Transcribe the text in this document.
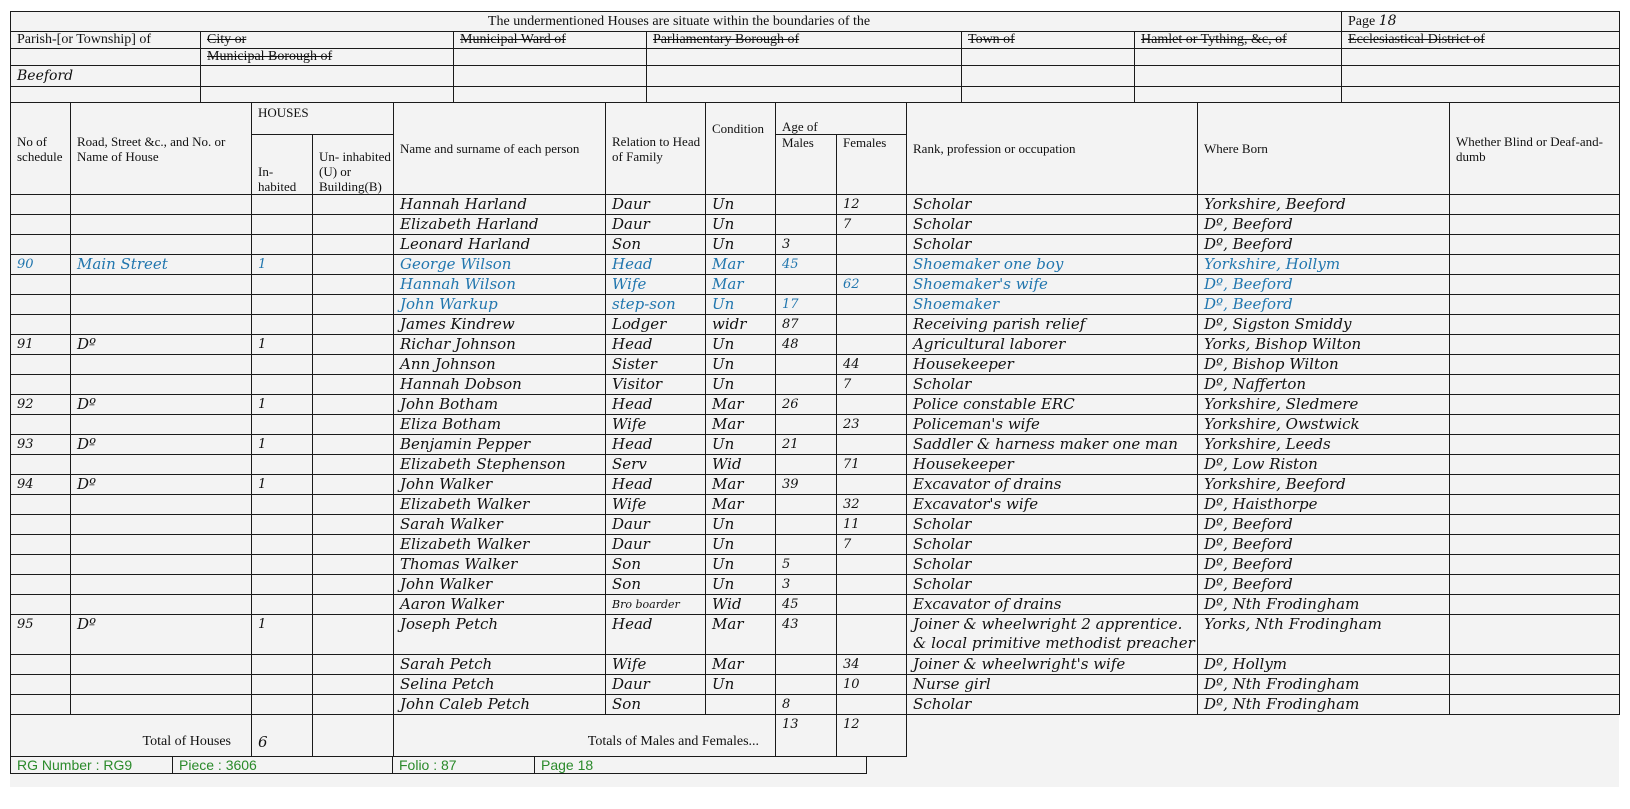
The undermentioned Houses are situate within the boundaries of the						Page 18
Parish-[or Township] of	City or	Municipal Ward of	Parliamentary Borough of	Town of	Hamlet or Tything, &c, of	Ecclesiastical District of
	Municipal Borough of					
Beeford						

No of schedule	Road, Street &c., and No. or Name of House	HOUSES		Name and surname of each person	Relation to Head of Family	Condition	Age of		Rank, profession or occupation	Where Born	Whether Blind or Deaf-and-dumb
		In- habited	Un- inhabited (U) or Building(B)				Males	Females			
				Hannah Harland	Daur	Un		12	Scholar	Yorkshire, Beeford	
				Elizabeth Harland	Daur	Un		7	Scholar	Dº, Beeford	
				Leonard Harland	Son	Un	3		Scholar	Dº, Beeford	
90	Main Street	1		George Wilson	Head	Mar	45		Shoemaker one boy	Yorkshire, Hollym	
				Hannah Wilson	Wife	Mar		62	Shoemaker's wife	Dº, Beeford	
				John Warkup	step-son	Un	17		Shoemaker	Dº, Beeford	
				James Kindrew	Lodger	widr	87		Receiving parish relief	Dº, Sigston Smiddy	
91	Dº	1		Richar Johnson	Head	Un	48		Agricultural laborer	Yorks, Bishop Wilton	
				Ann Johnson	Sister	Un		44	Housekeeper	Dº, Bishop Wilton	
				Hannah Dobson	Visitor	Un		7	Scholar	Dº, Nafferton	
92	Dº	1		John Botham	Head	Mar	26		Police constable ERC	Yorkshire, Sledmere	
				Eliza Botham	Wife	Mar		23	Policeman's wife	Yorkshire, Owstwick	
93	Dº	1		Benjamin Pepper	Head	Un	21		Saddler & harness maker one man	Yorkshire, Leeds	
				Elizabeth Stephenson	Serv	Wid		71	Housekeeper	Dº, Low Riston	
94	Dº	1		John Walker	Head	Mar	39		Excavator of drains	Yorkshire, Beeford	
				Elizabeth Walker	Wife	Mar		32	Excavator's wife	Dº, Haisthorpe	
				Sarah Walker	Daur	Un		11	Scholar	Dº, Beeford	
				Elizabeth Walker	Daur	Un		7	Scholar	Dº, Beeford	
				Thomas Walker	Son	Un	5		Scholar	Dº, Beeford	
				John Walker	Son	Un	3		Scholar	Dº, Beeford	
				Aaron Walker	Bro boarder	Wid	45		Excavator of drains	Dº, Nth Frodingham	
95	Dº	1		Joseph Petch	Head	Mar	43		Joiner & wheelwright 2 apprentice. & local primitive methodist preacher	Yorks, Nth Frodingham	
				Sarah Petch	Wife	Mar		34	Joiner & wheelwright's wife	Dº, Hollym	
				Selina Petch	Daur	Un		10	Nurse girl	Dº, Nth Frodingham	
				John Caleb Petch	Son		8		Scholar	Dº, Nth Frodingham	
Total of Houses		6		Totals of Males and Females...			13	12			
RG Number : RG9	Piece : 3606	Folio : 87	Page 18
